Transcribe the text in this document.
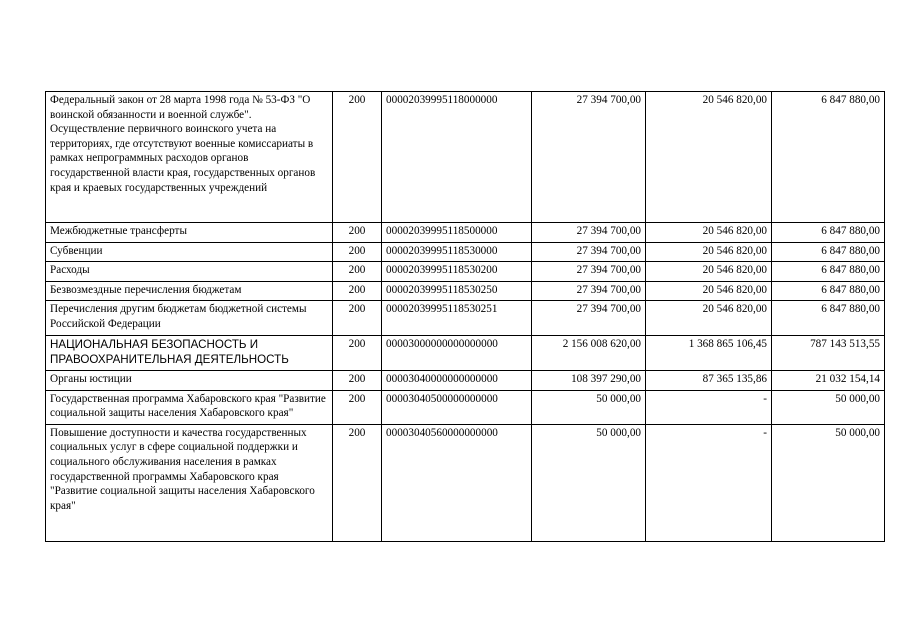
Федеральный закон от 28 марта 1998 года № 53-ФЗ "О воинской обязанности и военной службе". Осуществление первичного воинского учета на территориях, где отсутствуют военные комиссариаты в рамках непрограммных расходов органов государственной власти края, государственных органов края и краевых государственных учреждений	200	00002039995118000000	27 394 700,00	20 546 820,00	6 847 880,00
Межбюджетные трансферты	200	00002039995118500000	27 394 700,00	20 546 820,00	6 847 880,00
Субвенции	200	00002039995118530000	27 394 700,00	20 546 820,00	6 847 880,00
Расходы	200	00002039995118530200	27 394 700,00	20 546 820,00	6 847 880,00
Безвозмездные перечисления бюджетам	200	00002039995118530250	27 394 700,00	20 546 820,00	6 847 880,00
Перечисления другим бюджетам бюджетной системы Российской Федерации	200	00002039995118530251	27 394 700,00	20 546 820,00	6 847 880,00
НАЦИОНАЛЬНАЯ БЕЗОПАСНОСТЬ И ПРАВООХРАНИТЕЛЬНАЯ ДЕЯТЕЛЬНОСТЬ	200	00003000000000000000	2 156 008 620,00	1 368 865 106,45	787 143 513,55
Органы юстиции	200	00003040000000000000	108 397 290,00	87 365 135,86	21 032 154,14
Государственная программа Хабаровского края "Развитие социальной защиты населения Хабаровского края"	200	00003040500000000000	50 000,00	-	50 000,00
Повышение доступности и качества государственных социальных услуг в сфере социальной поддержки и социального обслуживания населения в рамках государственной программы Хабаровского края "Развитие социальной защиты населения Хабаровского края"	200	00003040560000000000	50 000,00	-	50 000,00
